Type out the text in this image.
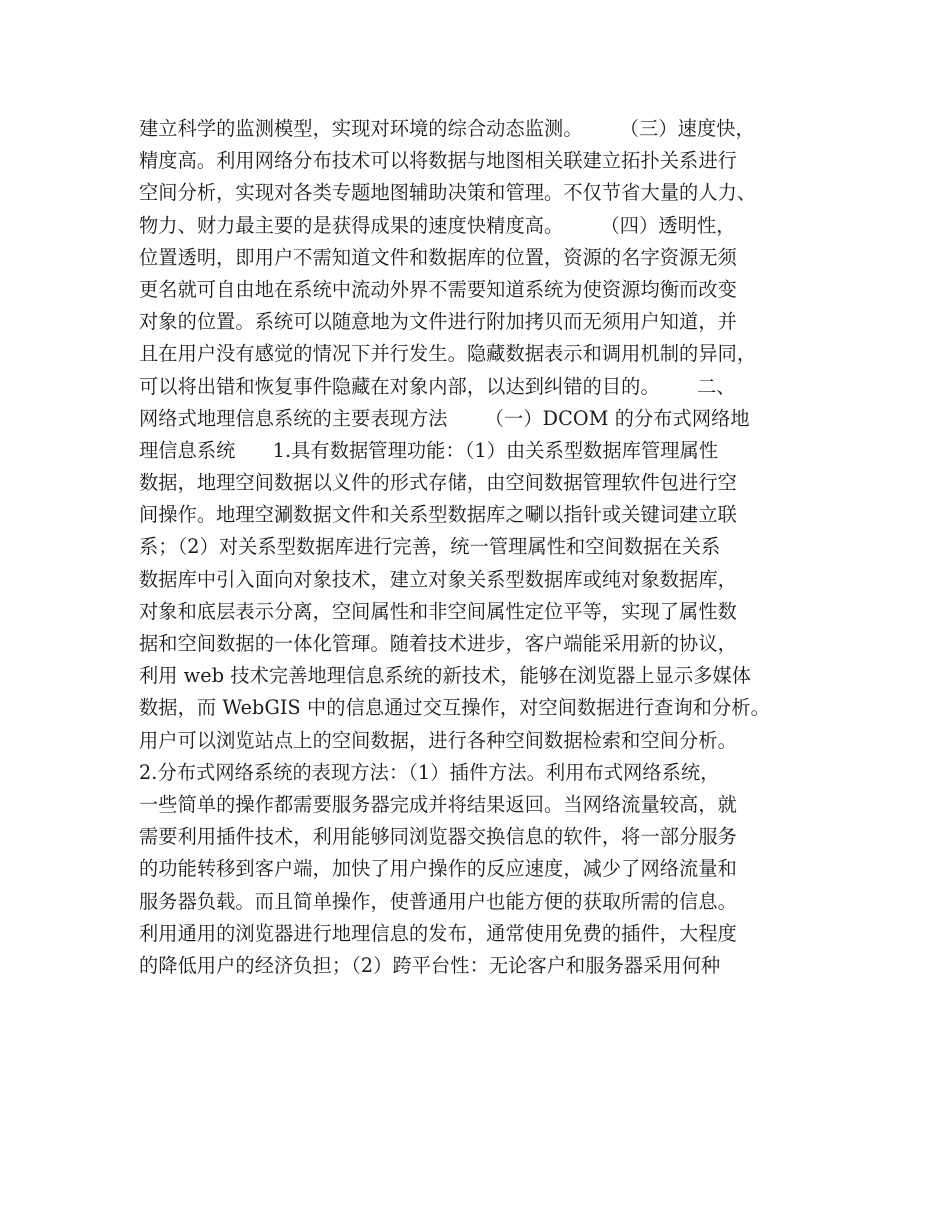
建立科学的监测模型，实现对环境的综合动态监测。      （三）速度快，
精度高。利用网络分布技术可以将数据与地图相关联建立拓扑关系进行
空间分析，实现对各类专题地图辅助决策和管理。不仅节省大量的人力、
物力、财力最主要的是获得成果的速度快精度高。      （四）透明性，
位置透明，即用户不需知道文件和数据库的位置，资源的名字资源无须
更名就可自由地在系统中流动外界不需要知道系统为使资源均衡而改变
对象的位置。系统可以随意地为文件进行附加拷贝而无须用户知道，并
且在用户没有感觉的情况下并行发生。隐藏数据表示和调用机制的异同，
可以将出错和恢复事件隐藏在对象内部，以达到纠错的目的。      二、
网络式地理信息系统的主要表现方法      （一）DCOM 的分布式网络地
理信息系统      1.具有数据管理功能：（1）由关系型数据库管理属性
数据，地理空间数据以义件的形式存储，由空间数据管理软件包进行空
间操作。地理空涮数据文件和关系型数据库之唰以指针或关键词建立联
系；（2）对关系型数据库进行完善，统一管理属性和空间数据在关系
数据库中引入面向对象技术，建立对象关系型数据库或纯对象数据库，
对象和底层表示分离，空间属性和非空间属性定位平等，实现了属性数
据和空间数据的一体化管琿。随着技术进步，客户端能采用新的协议，
利用 web 技术完善地理信息系统的新技术，能够在浏览器上显示多媒体
数据，而 WebGIS 中的信息通过交互操作，对空间数据进行查询和分析。
用户可以浏览站点上的空间数据，进行各种空间数据检索和空间分析。
2.分布式网络系统的表现方法：（1）插件方法。利用布式网络系统，
一些简单的操作都需要服务器完成并将结果返回。当网络流量较高，就
需要利用插件技术，利用能够同浏览器交换信息的软件，将一部分服务
的功能转移到客户端，加快了用户操作的反应速度，减少了网络流量和
服务器负载。而且简单操作，使普通用户也能方便的获取所需的信息。
利用通用的浏览器进行地理信息的发布，通常使用免费的插件，大程度
的降低用户的经济负担；（2）跨平台性：无论客户和服务器采用何种
